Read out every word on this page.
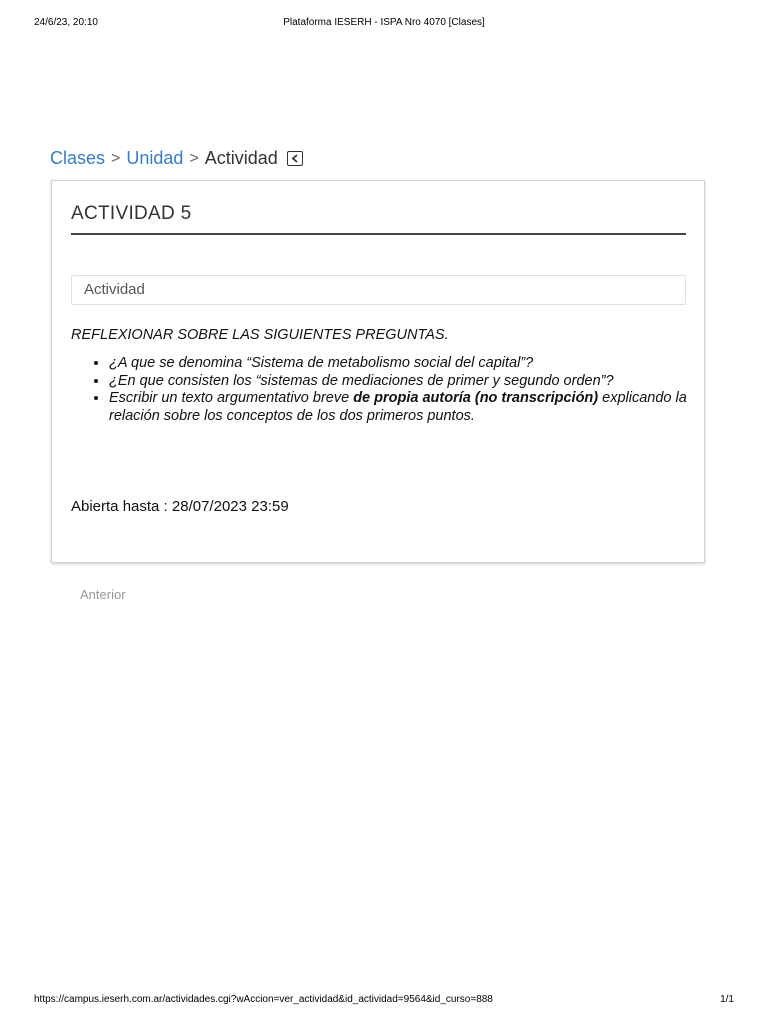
24/6/23, 20:10	Plataforma IESERH - ISPA Nro 4070 [Clases]
Clases > Unidad > Actividad
ACTIVIDAD 5
Actividad

REFLEXIONAR SOBRE LAS SIGUIENTES PREGUNTAS.

• ¿A que se denomina “Sistema de metabolismo social del capital”?
• ¿En que consisten los “sistemas de mediaciones de primer y segundo orden”?
• Escribir un texto argumentativo breve de propia autoría (no transcripción) explicando la relación sobre los conceptos de los dos primeros puntos.
Abierta hasta : 28/07/2023 23:59
Anterior
https://campus.ieserh.com.ar/actividades.cgi?wAccion=ver_actividad&id_actividad=9564&id_curso=888	1/1
